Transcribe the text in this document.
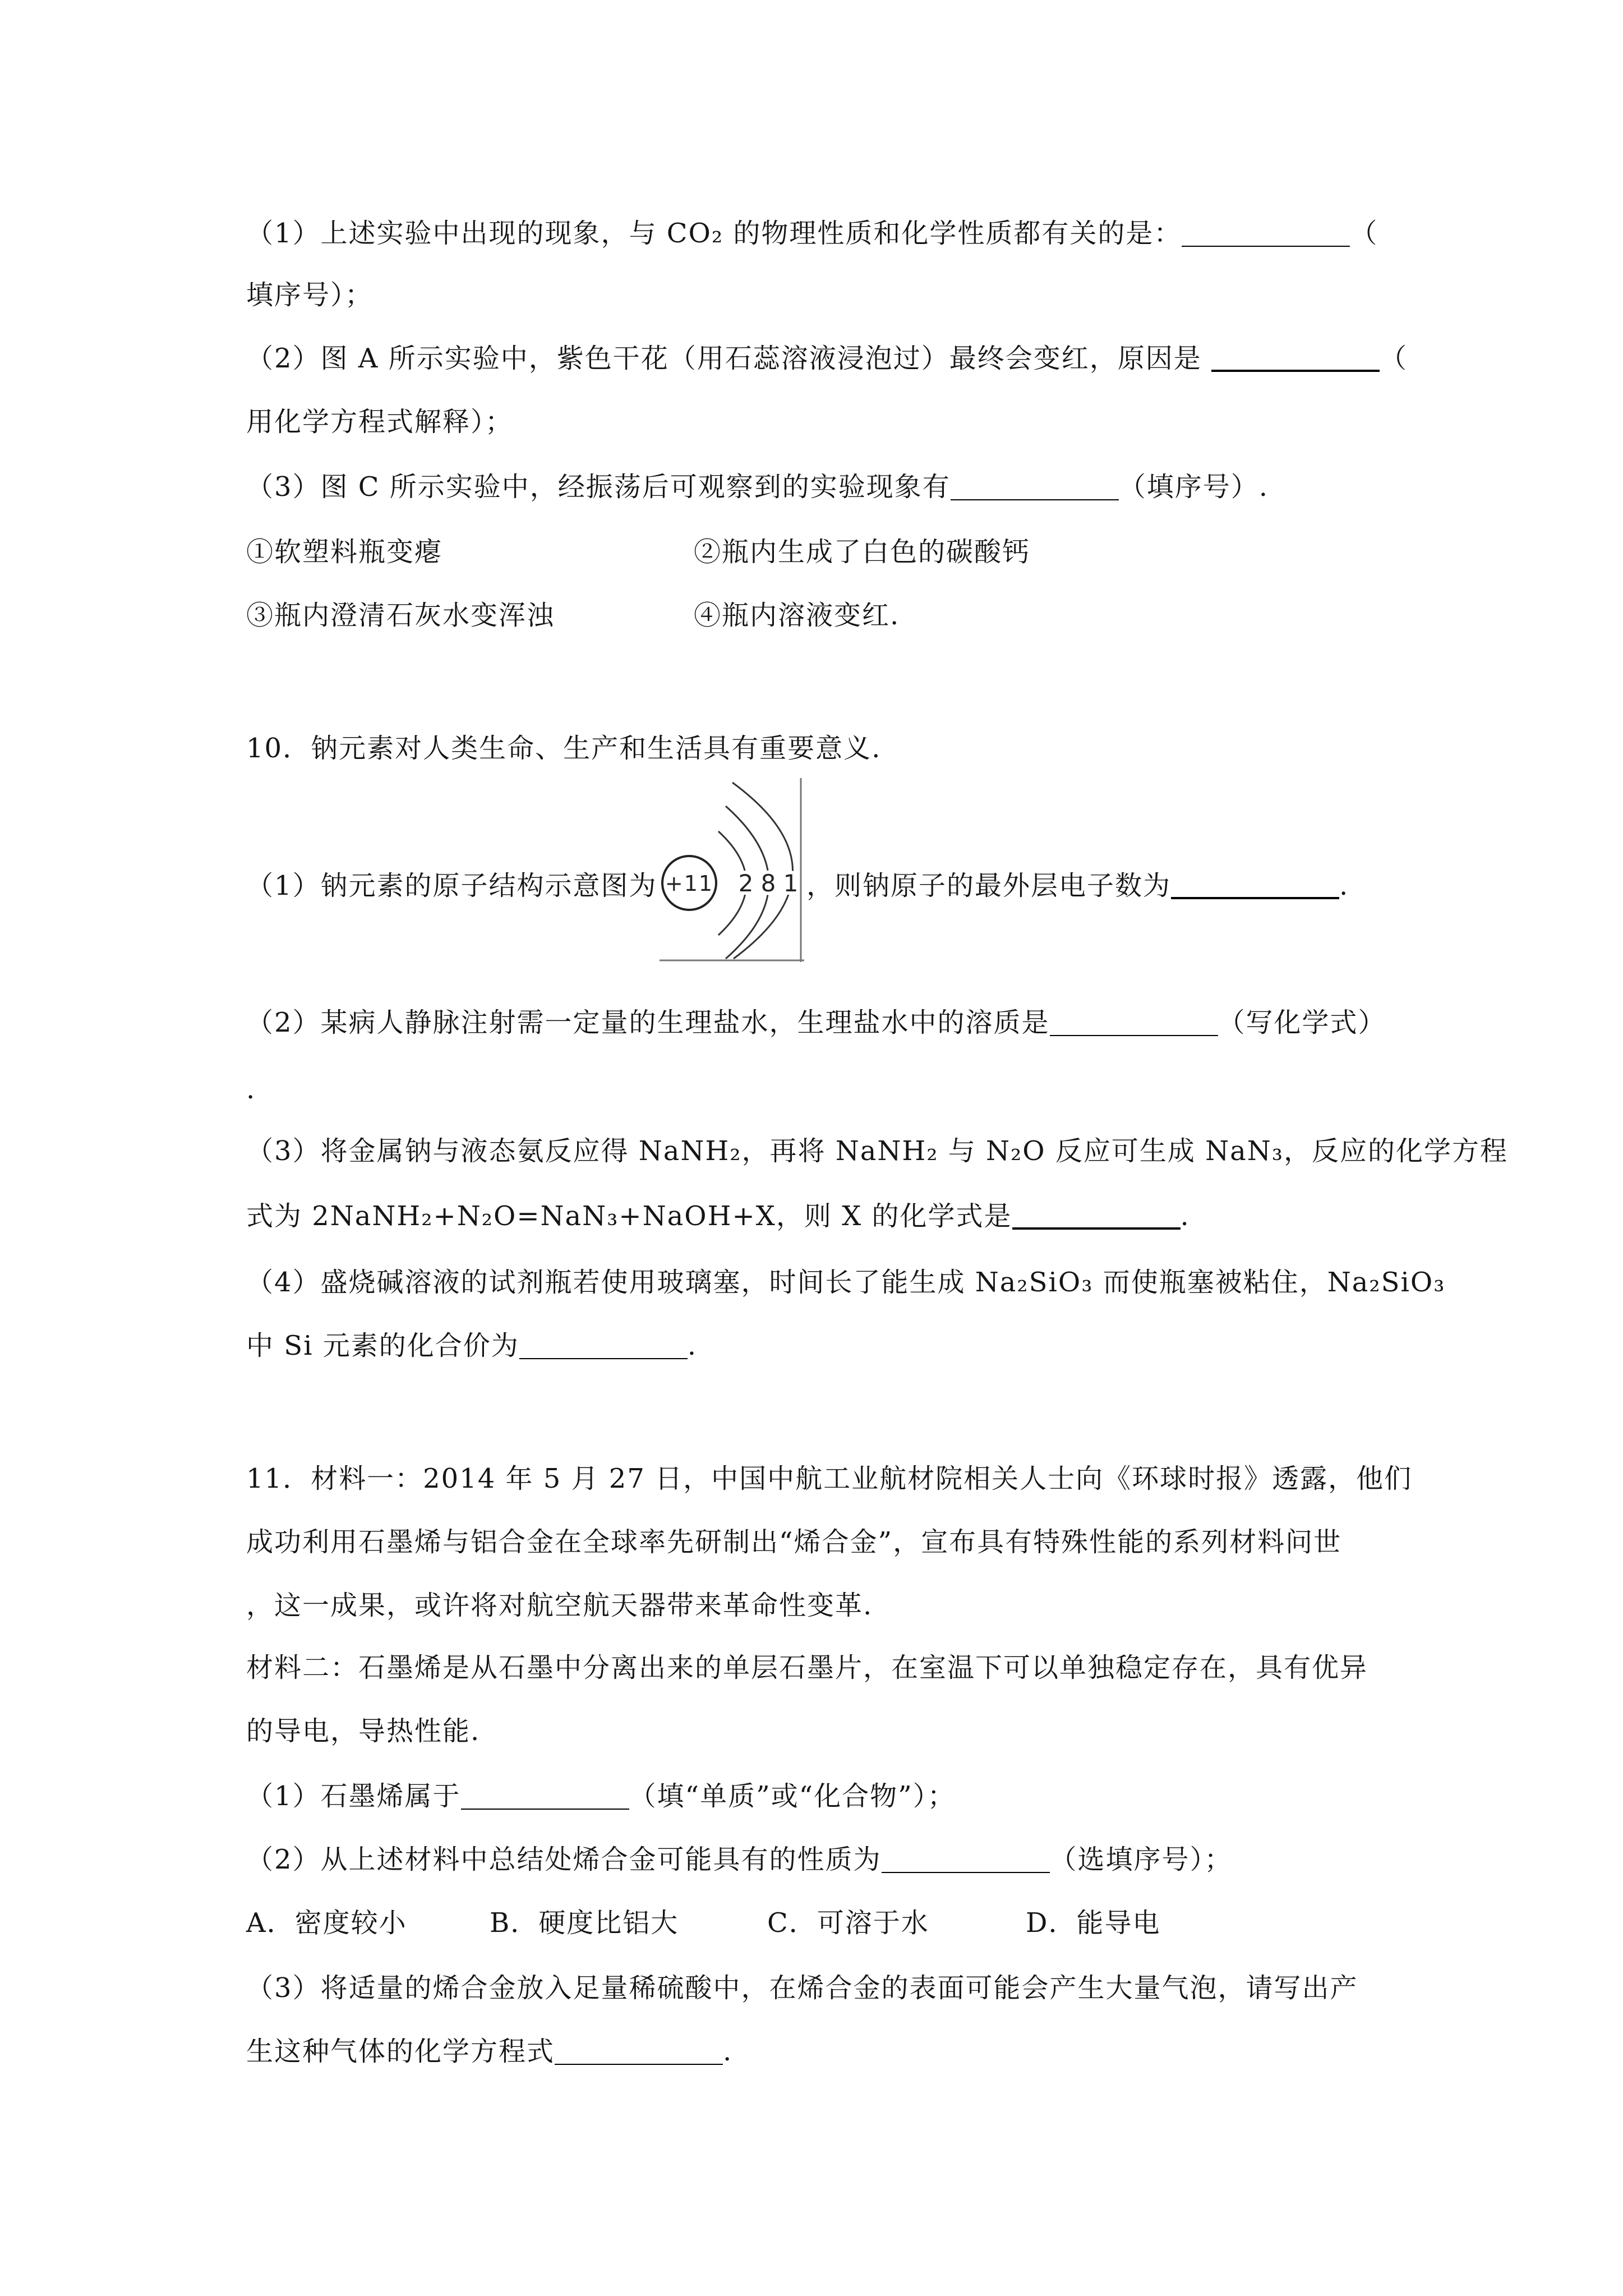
（1）上述实验中出现的现象，与 CO₂ 的物理性质和化学性质都有关的是：	（
填序号）；
（2）图 A 所示实验中，紫色干花（用石蕊溶液浸泡过）最终会变红，原因是	（
用化学方程式解释）；
（3）图 C 所示实验中，经振荡后可观察到的实验现象有	（填序号）.
①软塑料瓶变瘪	②瓶内生成了白色的碳酸钙
③瓶内澄清石灰水变浑浊	④瓶内溶液变红.
10．钠元素对人类生命、生产和生活具有重要意义.
（1）钠元素的原子结构示意图为 +11 2 8 1 ，则钠原子的最外层电子数为	.
（2）某病人静脉注射需一定量的生理盐水，生理盐水中的溶质是	（写化学式）
.
（3）将金属钠与液态氨反应得 NaNH₂，再将 NaNH₂ 与 N₂O 反应可生成 NaN₃，反应的化学方程
式为 2NaNH₂+N₂O=NaN₃+NaOH+X，则 X 的化学式是	.
（4）盛烧碱溶液的试剂瓶若使用玻璃塞，时间长了能生成 Na₂SiO₃ 而使瓶塞被粘住，Na₂SiO₃
中 Si 元素的化合价为	.
11．材料一：2014 年 5 月 27 日，中国中航工业航材院相关人士向《环球时报》透露，他们
成功利用石墨烯与铝合金在全球率先研制出“烯合金”，宣布具有特殊性能的系列材料问世
，这一成果，或许将对航空航天器带来革命性变革.
材料二：石墨烯是从石墨中分离出来的单层石墨片，在室温下可以单独稳定存在，具有优异
的导电，导热性能.
（1）石墨烯属于	（填“单质”或“化合物”）；
（2）从上述材料中总结处烯合金可能具有的性质为	（选填序号）；
A．密度较小	B．硬度比铝大	C．可溶于水	D．能导电
（3）将适量的烯合金放入足量稀硫酸中，在烯合金的表面可能会产生大量气泡，请写出产
生这种气体的化学方程式	.
